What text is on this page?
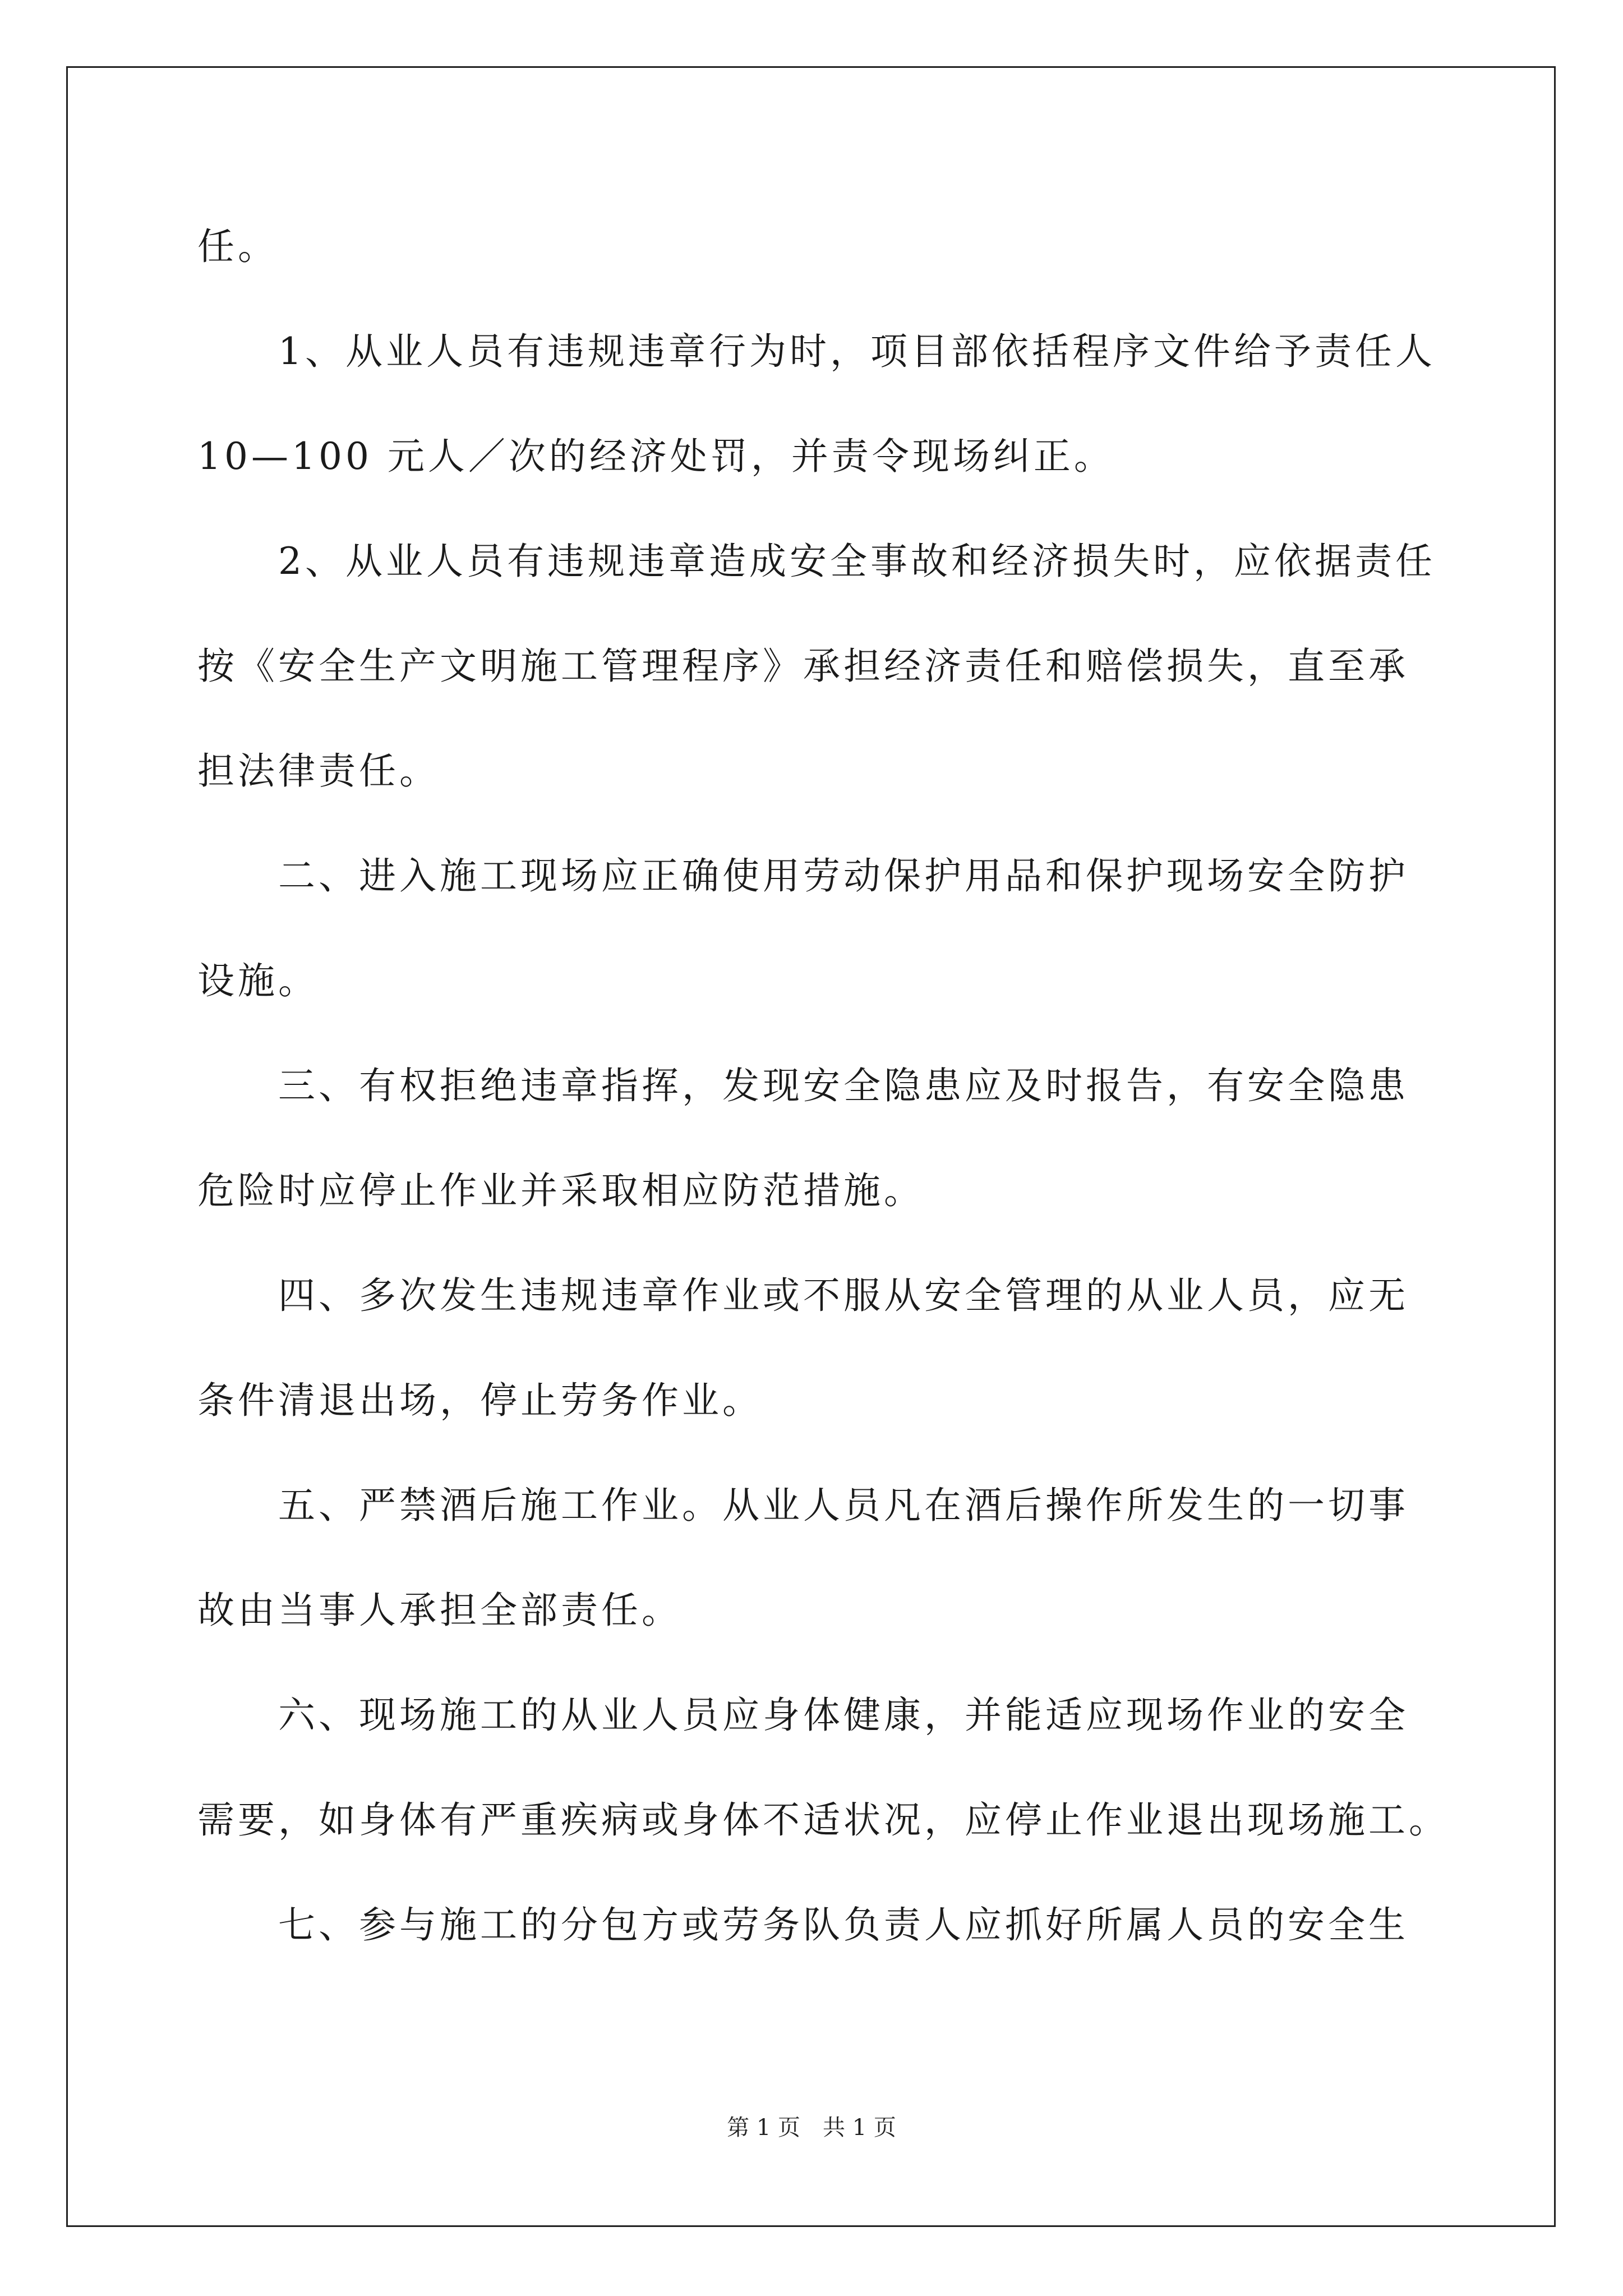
任。
　　1、从业人员有违规违章行为时，项目部依括程序文件给予责任人
10—100 元人／次的经济处罚，并责令现场纠正。
　　2、从业人员有违规违章造成安全事故和经济损失时，应依据责任
按《安全生产文明施工管理程序》承担经济责任和赔偿损失，直至承
担法律责任。
　　二、进入施工现场应正确使用劳动保护用品和保护现场安全防护
设施。
　　三、有权拒绝违章指挥，发现安全隐患应及时报告，有安全隐患
危险时应停止作业并采取相应防范措施。
　　四、多次发生违规违章作业或不服从安全管理的从业人员，应无
条件清退出场，停止劳务作业。
　　五、严禁酒后施工作业。从业人员凡在酒后操作所发生的一切事
故由当事人承担全部责任。
　　六、现场施工的从业人员应身体健康，并能适应现场作业的安全
需要，如身体有严重疾病或身体不适状况，应停止作业退出现场施工。
　　七、参与施工的分包方或劳务队负责人应抓好所属人员的安全生
第 1 页　共 1 页
